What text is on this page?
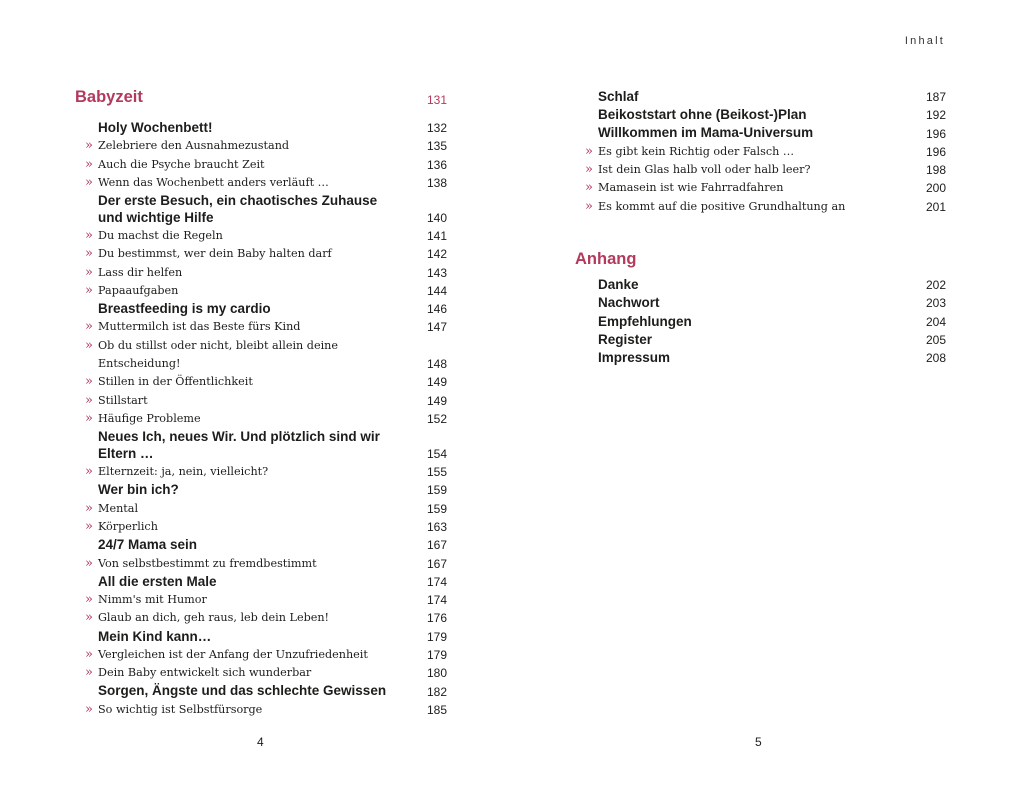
Inhalt
Babyzeit	131
Holy Wochenbett!	132
» Zelebriere den Ausnahmezustand	135
» Auch die Psyche braucht Zeit	136
» Wenn das Wochenbett anders verläuft …	138
Der erste Besuch, ein chaotisches Zuhause und wichtige Hilfe	140
» Du machst die Regeln	141
» Du bestimmst, wer dein Baby halten darf	142
» Lass dir helfen	143
» Papaaufgaben	144
Breastfeeding is my cardio	146
» Muttermilch ist das Beste fürs Kind	147
» Ob du stillst oder nicht, bleibt allein deine Entscheidung!	148
» Stillen in der Öffentlichkeit	149
» Stillstart	149
» Häufige Probleme	152
Neues Ich, neues Wir. Und plötzlich sind wir Eltern …	154
» Elternzeit: ja, nein, vielleicht?	155
Wer bin ich?	159
» Mental	159
» Körperlich	163
24/7 Mama sein	167
» Von selbstbestimmt zu fremdbestimmt	167
All die ersten Male	174
» Nimm's mit Humor	174
» Glaub an dich, geh raus, leb dein Leben!	176
Mein Kind kann…	179
» Vergleichen ist der Anfang der Unzufriedenheit	179
» Dein Baby entwickelt sich wunderbar	180
Sorgen, Ängste und das schlechte Gewissen	182
» So wichtig ist Selbstfürsorge	185
Schlaf	187
Beikoststart ohne (Beikost-)Plan	192
Willkommen im Mama-Universum	196
» Es gibt kein Richtig oder Falsch …	196
» Ist dein Glas halb voll oder halb leer?	198
» Mamasein ist wie Fahrradfahren	200
» Es kommt auf die positive Grundhaltung an	201
Anhang
Danke	202
Nachwort	203
Empfehlungen	204
Register	205
Impressum	208
4	5
